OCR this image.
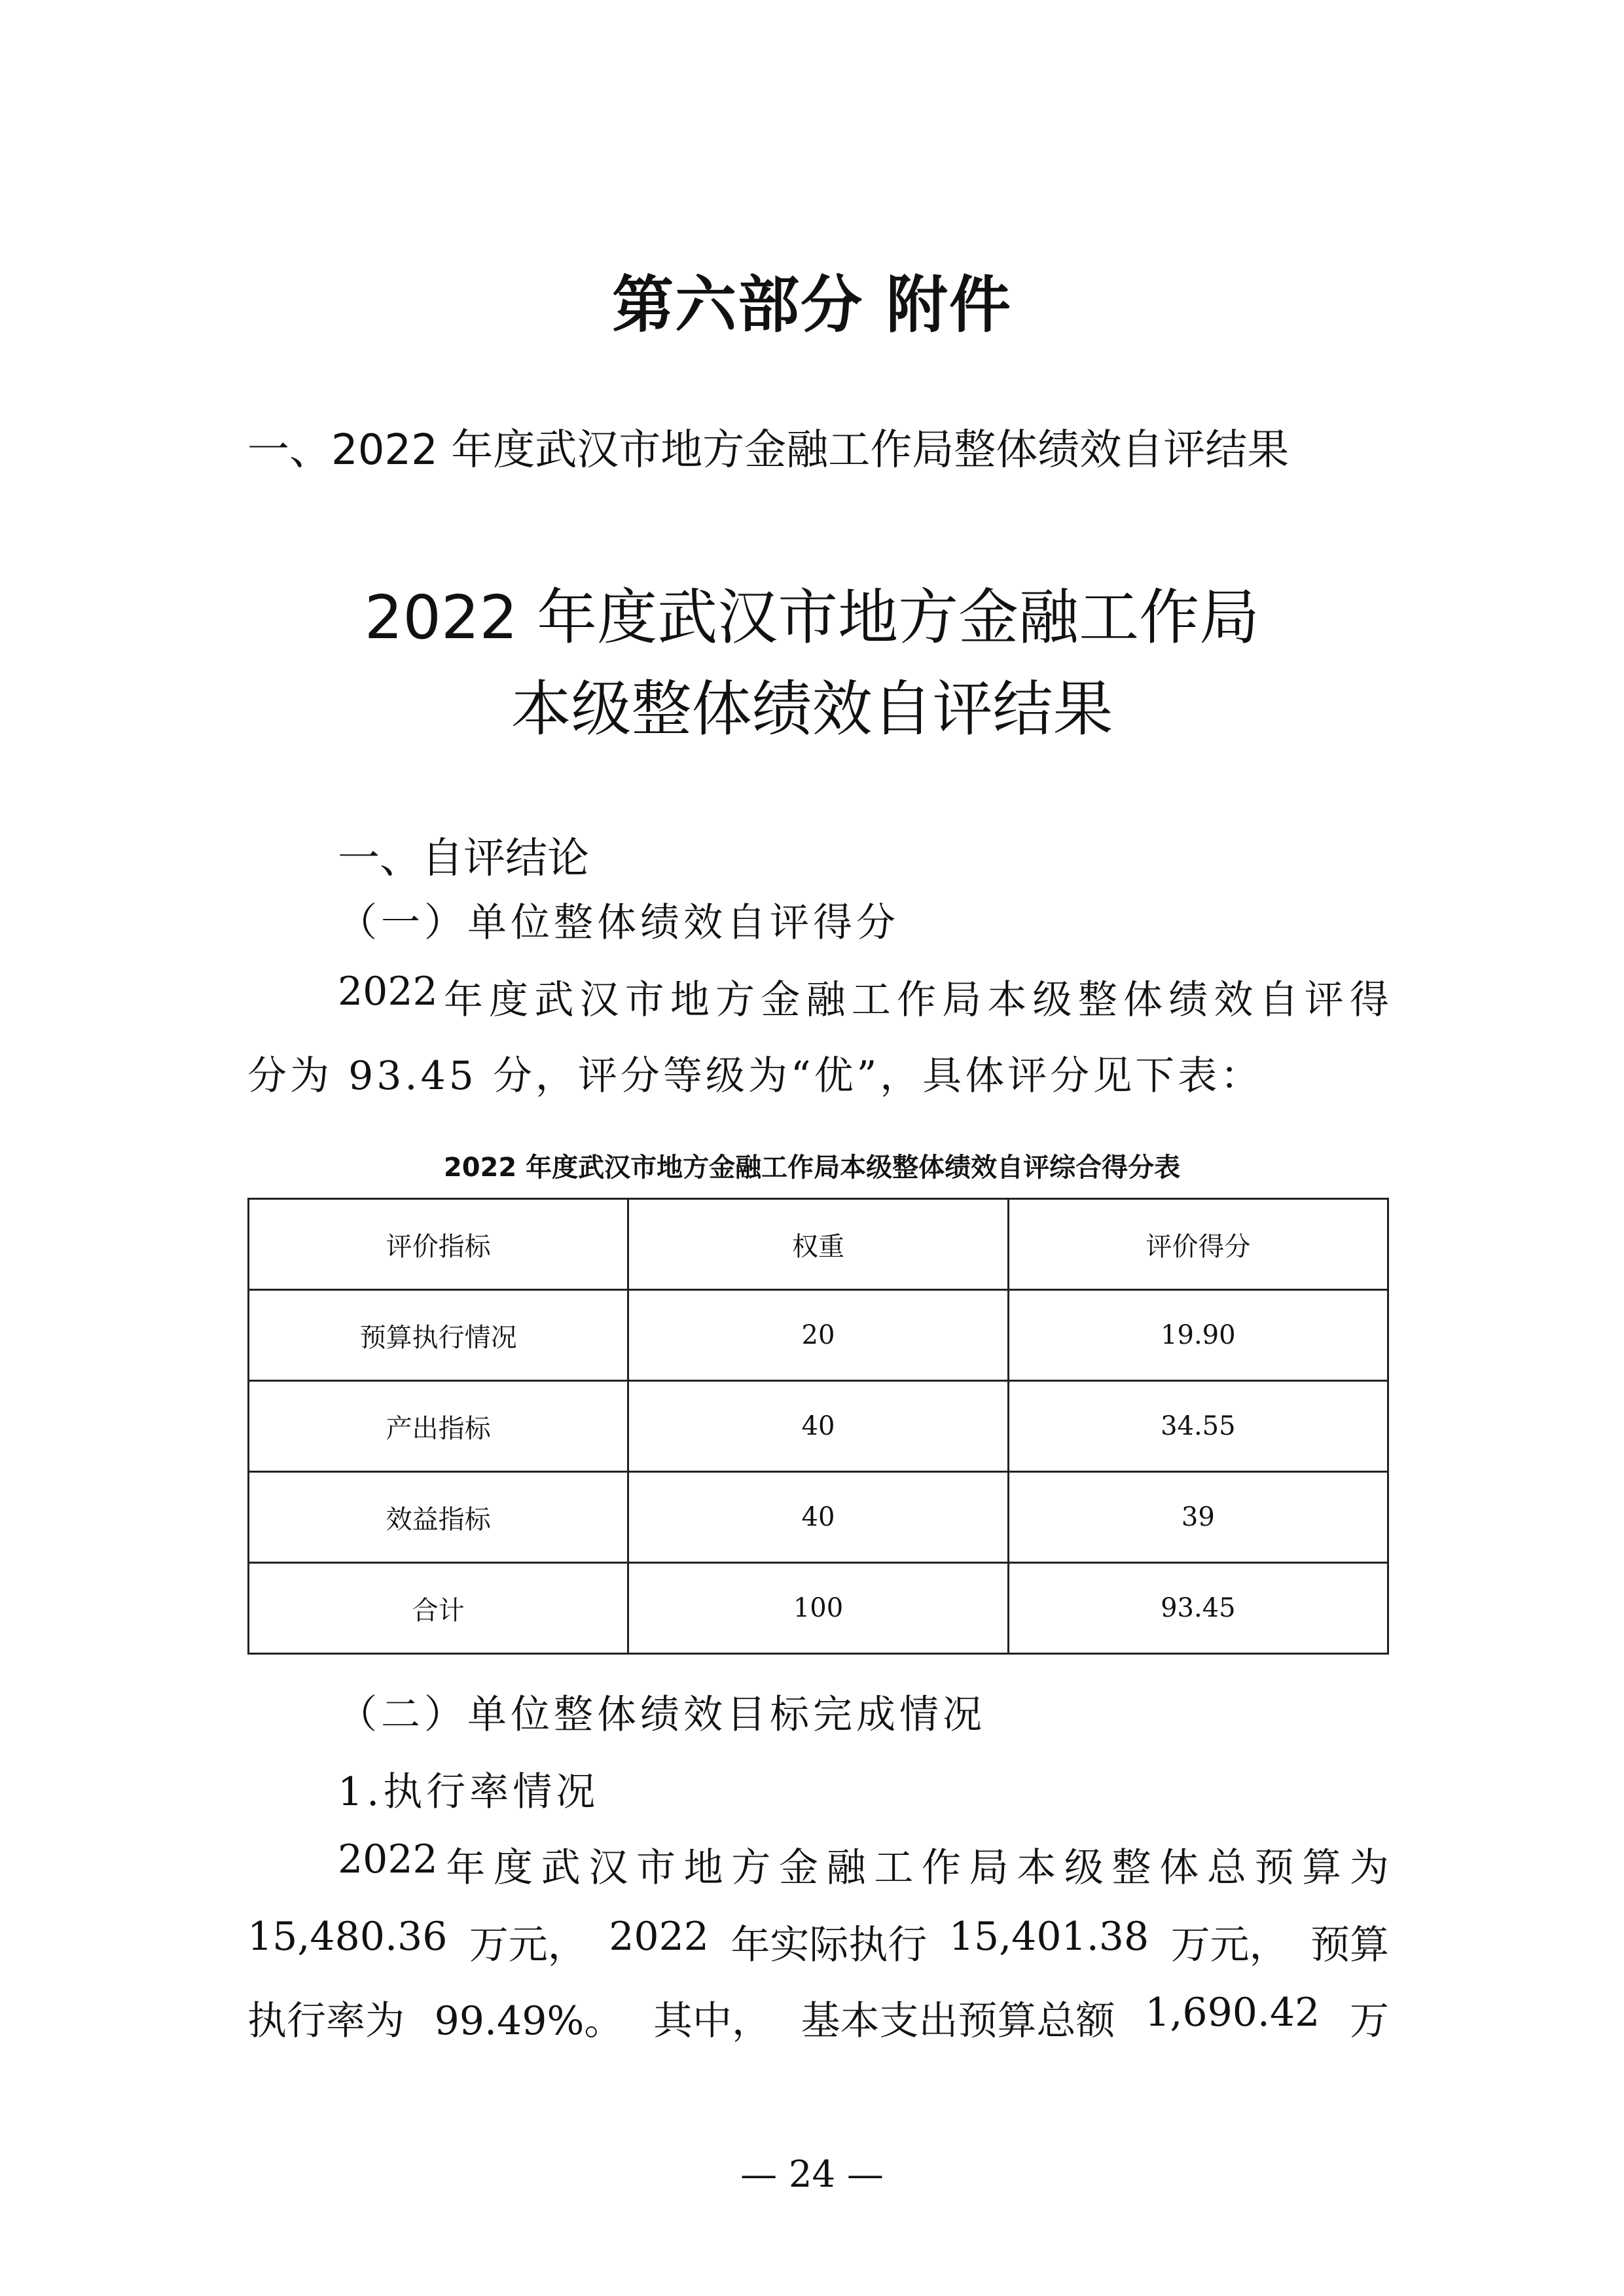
第六部分 附件
一、2022 年度武汉市地方金融工作局整体绩效自评结果
2022 年度武汉市地方金融工作局
本级整体绩效自评结果
一、自评结论
（一）单位整体绩效自评得分
2022 年 度 武 汉 市 地 方 金 融 工 作 局 本 级 整 体 绩 效 自 评 得
分为 93.45 分，评分等级为“优”，具体评分见下表：
2022 年度武汉市地方金融工作局本级整体绩效自评综合得分表
评价指标	权重	评价得分
预算执行情况	20	19.90
产出指标	40	34.55
效益指标	40	39
合计	100	93.45
（二）单位整体绩效目标完成情况
1.执行率情况
2022 年 度 武 汉 市 地 方 金 融 工 作 局 本 级 整 体 总 预 算 为
15,480.36 万元， 2022 年实际执行 15,401.38 万元， 预算
执行率为 99.49%。 其中， 基本支出预算总额 1,690.42 万
— 24 —
